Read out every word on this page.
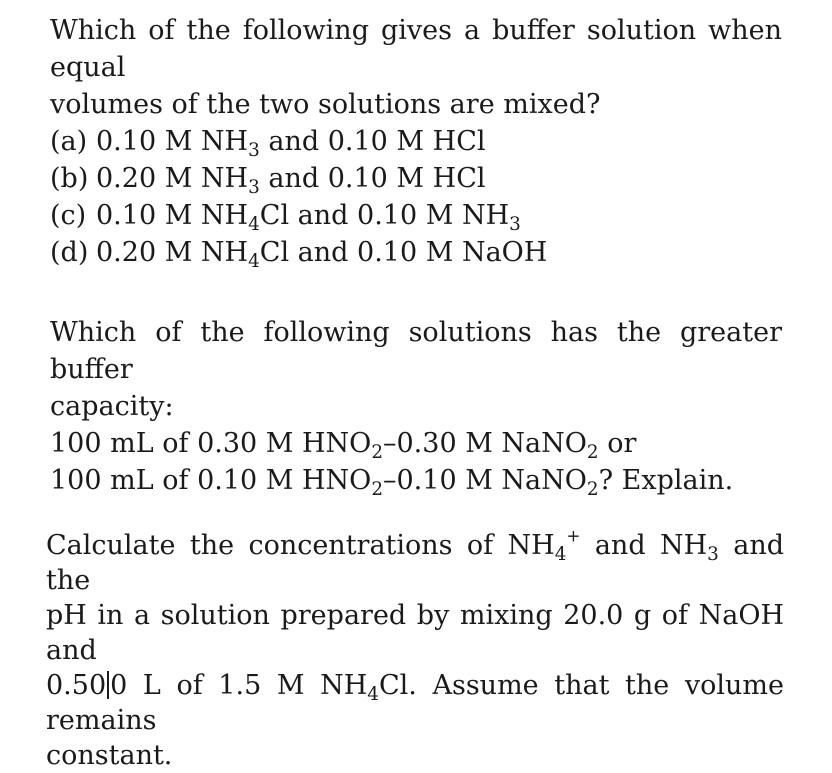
Which of the following gives a buffer solution when equal
volumes of the two solutions are mixed?
(a) 0.10 M $NH_3$ and 0.10 M HCl
(b) 0.20 M $NH_3$ and 0.10 M HCl
(c) 0.10 M $NH_4Cl$ and 0.10 M $NH_3$
(d) 0.20 M $NH_4Cl$ and 0.10 M NaOH
Which of the following solutions has the greater buffer
capacity:
100 mL of 0.30 M $HNO_2-0.30$ M NaNO$_2$ or
100 mL of 0.10 M $HNO_2-0.10$ M NaNO$_2$? Explain.
Calculate the concentrations of $NH_4^+$ and $NH_3$ and the
pH in a solution prepared by mixing 20.0 g of NaOH and
0.50 0 L of 1.5 M $NH_4Cl$. Assume that the volume remains
constant.
